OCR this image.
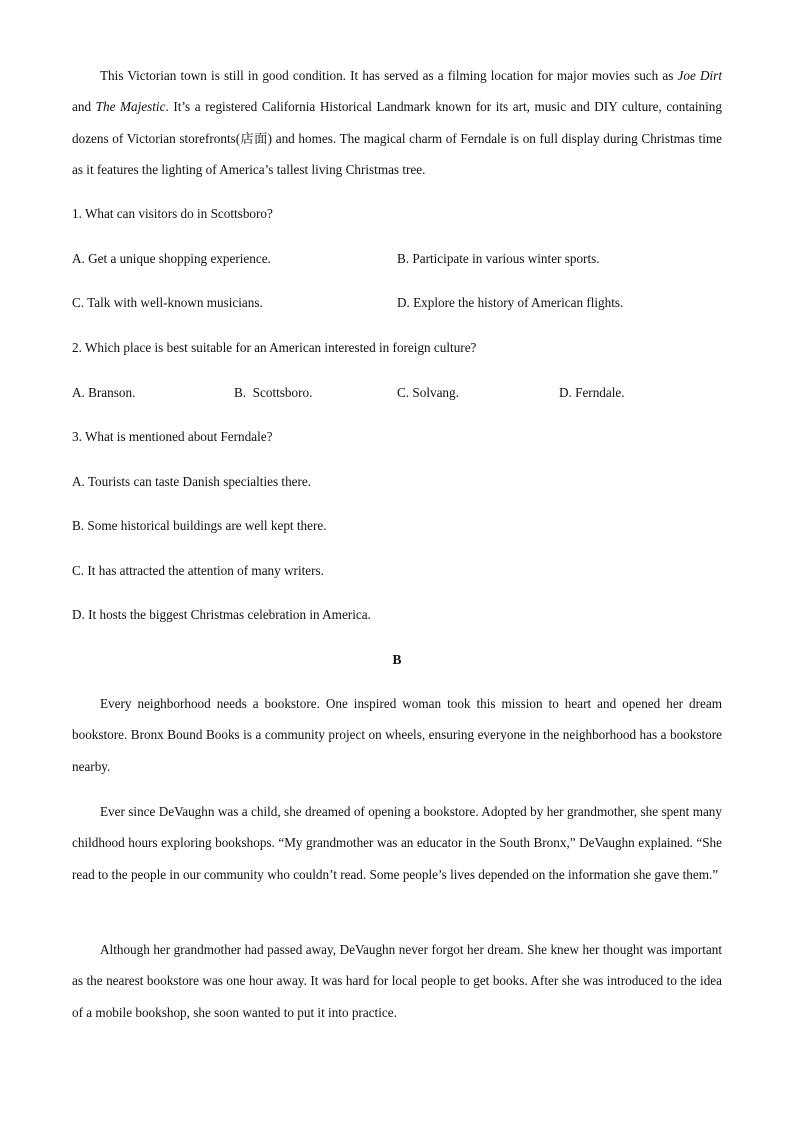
This Victorian town is still in good condition. It has served as a filming location for major movies such as Joe Dirt and The Majestic. It’s a registered California Historical Landmark known for its art, music and DIY culture, containing dozens of Victorian storefronts(店面) and homes. The magical charm of Ferndale is on full display during Christmas time as it features the lighting of America’s tallest living Christmas tree.

1. What can visitors do in Scottsboro?

A. Get a unique shopping experience.	B. Participate in various winter sports.
C. Talk with well-known musicians.	D. Explore the history of American flights.

2. Which place is best suitable for an American interested in foreign culture?

A. Branson.	B.  Scottsboro.	C. Solvang.	D. Ferndale.

3. What is mentioned about Ferndale?

A. Tourists can taste Danish specialties there.
B. Some historical buildings are well kept there.
C. It has attracted the attention of many writers.
D. It hosts the biggest Christmas celebration in America.
B

Every neighborhood needs a bookstore. One inspired woman took this mission to heart and opened her dream bookstore. Bronx Bound Books is a community project on wheels, ensuring everyone in the neighborhood has a bookstore nearby.

Ever since DeVaughn was a child, she dreamed of opening a bookstore. Adopted by her grandmother, she spent many childhood hours exploring bookshops. “My grandmother was an educator in the South Bronx,” DeVaughn explained. “She read to the people in our community who couldn’t read. Some people’s lives depended on the information she gave them.”

Although her grandmother had passed away, DeVaughn never forgot her dream. She knew her thought was important as the nearest bookstore was one hour away. It was hard for local people to get books. After she was introduced to the idea of a mobile bookshop, she soon wanted to put it into practice.
